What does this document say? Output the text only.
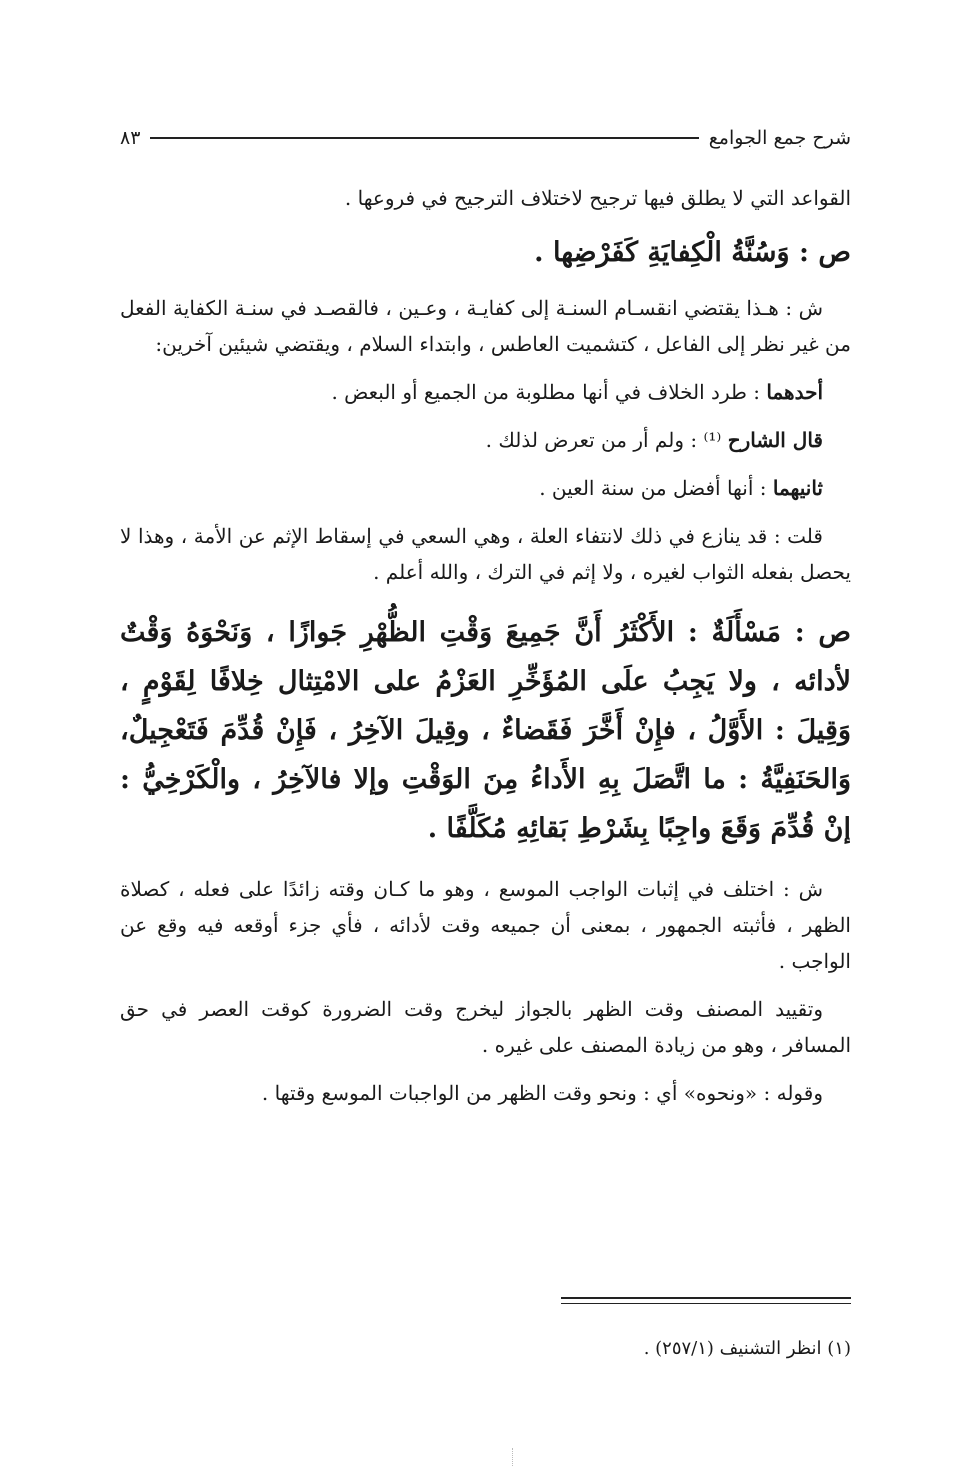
شرح جمع الجوامع
٨٣

القواعد التي لا يطلق فيها ترجيح لاختلاف الترجيح في فروعها .

ص : وَسُنَّةُ الْكِفايَةِ كَفَرْضِها .

ش : هـذا يقتضي انقسـام السنـة إلى كفايـة ، وعـين ، فالقصـد في سنـة الكفاية الفعل من غير نظر إلى الفاعل ، كتشميت العاطس ، وابتداء السلام ، ويقتضي شيئين آخرين:

أحدهما : طرد الخلاف في أنها مطلوبة من الجميع أو البعض .

قال الشارح ⁽¹⁾ : ولم أر من تعرض لذلك .

ثانيهما : أنها أفضل من سنة العين .

قلت : قد ينازع في ذلك لانتفاء العلة ، وهي السعي في إسقاط الإثم عن الأمة ، وهذا لا يحصل بفعله الثواب لغيره ، ولا إثم في الترك ، والله أعلم .

ص : مَسْأَلَةٌ : الأَكْثَرُ أَنَّ جَمِيعَ وَقْتِ الظُّهْرِ جَوازًا ، وَنَحْوَهُ وَقْتٌ لأدائه ، ولا يَجِبُ علَى المُؤَخِّرِ العَزْمُ على الامْتِثال خِلافًا لِقَوْمٍ ، وَقِيلَ : الأَوَّلُ ، فإِنْ أَخَّرَ فَقَضاءٌ ، وقِيلَ الآخِرُ ، فَإِنْ قُدِّمَ فَتَعْجِيلٌ، وَالحَنَفِيَّةُ : ما اتَّصَلَ بِهِ الأَداءُ مِنَ الوَقْتِ وإلا فالآخِرُ ، والْكَرْخِيُّ : إنْ قُدِّمَ وَقَعَ واجِبًا بِشَرْطِ بَقائِهِ مُكَلَّفًا .

ش : اختلف في إثبات الواجب الموسع ، وهو ما كـان وقته زائدًا على فعله ، كصلاة الظهر ، فأثبته الجمهور ، بمعنى أن جميعه وقت لأدائه ، فأي جزء أوقعه فيه وقع عن الواجب .

وتقييد المصنف وقت الظهر بالجواز ليخرج وقت الضرورة كوقت العصر في حق المسافر ، وهو من زيادة المصنف على غيره .

وقوله : «ونحوه» أي : ونحو وقت الظهر من الواجبات الموسع وقتها .

(١) انظر التشنيف (٢٥٧/١) .
